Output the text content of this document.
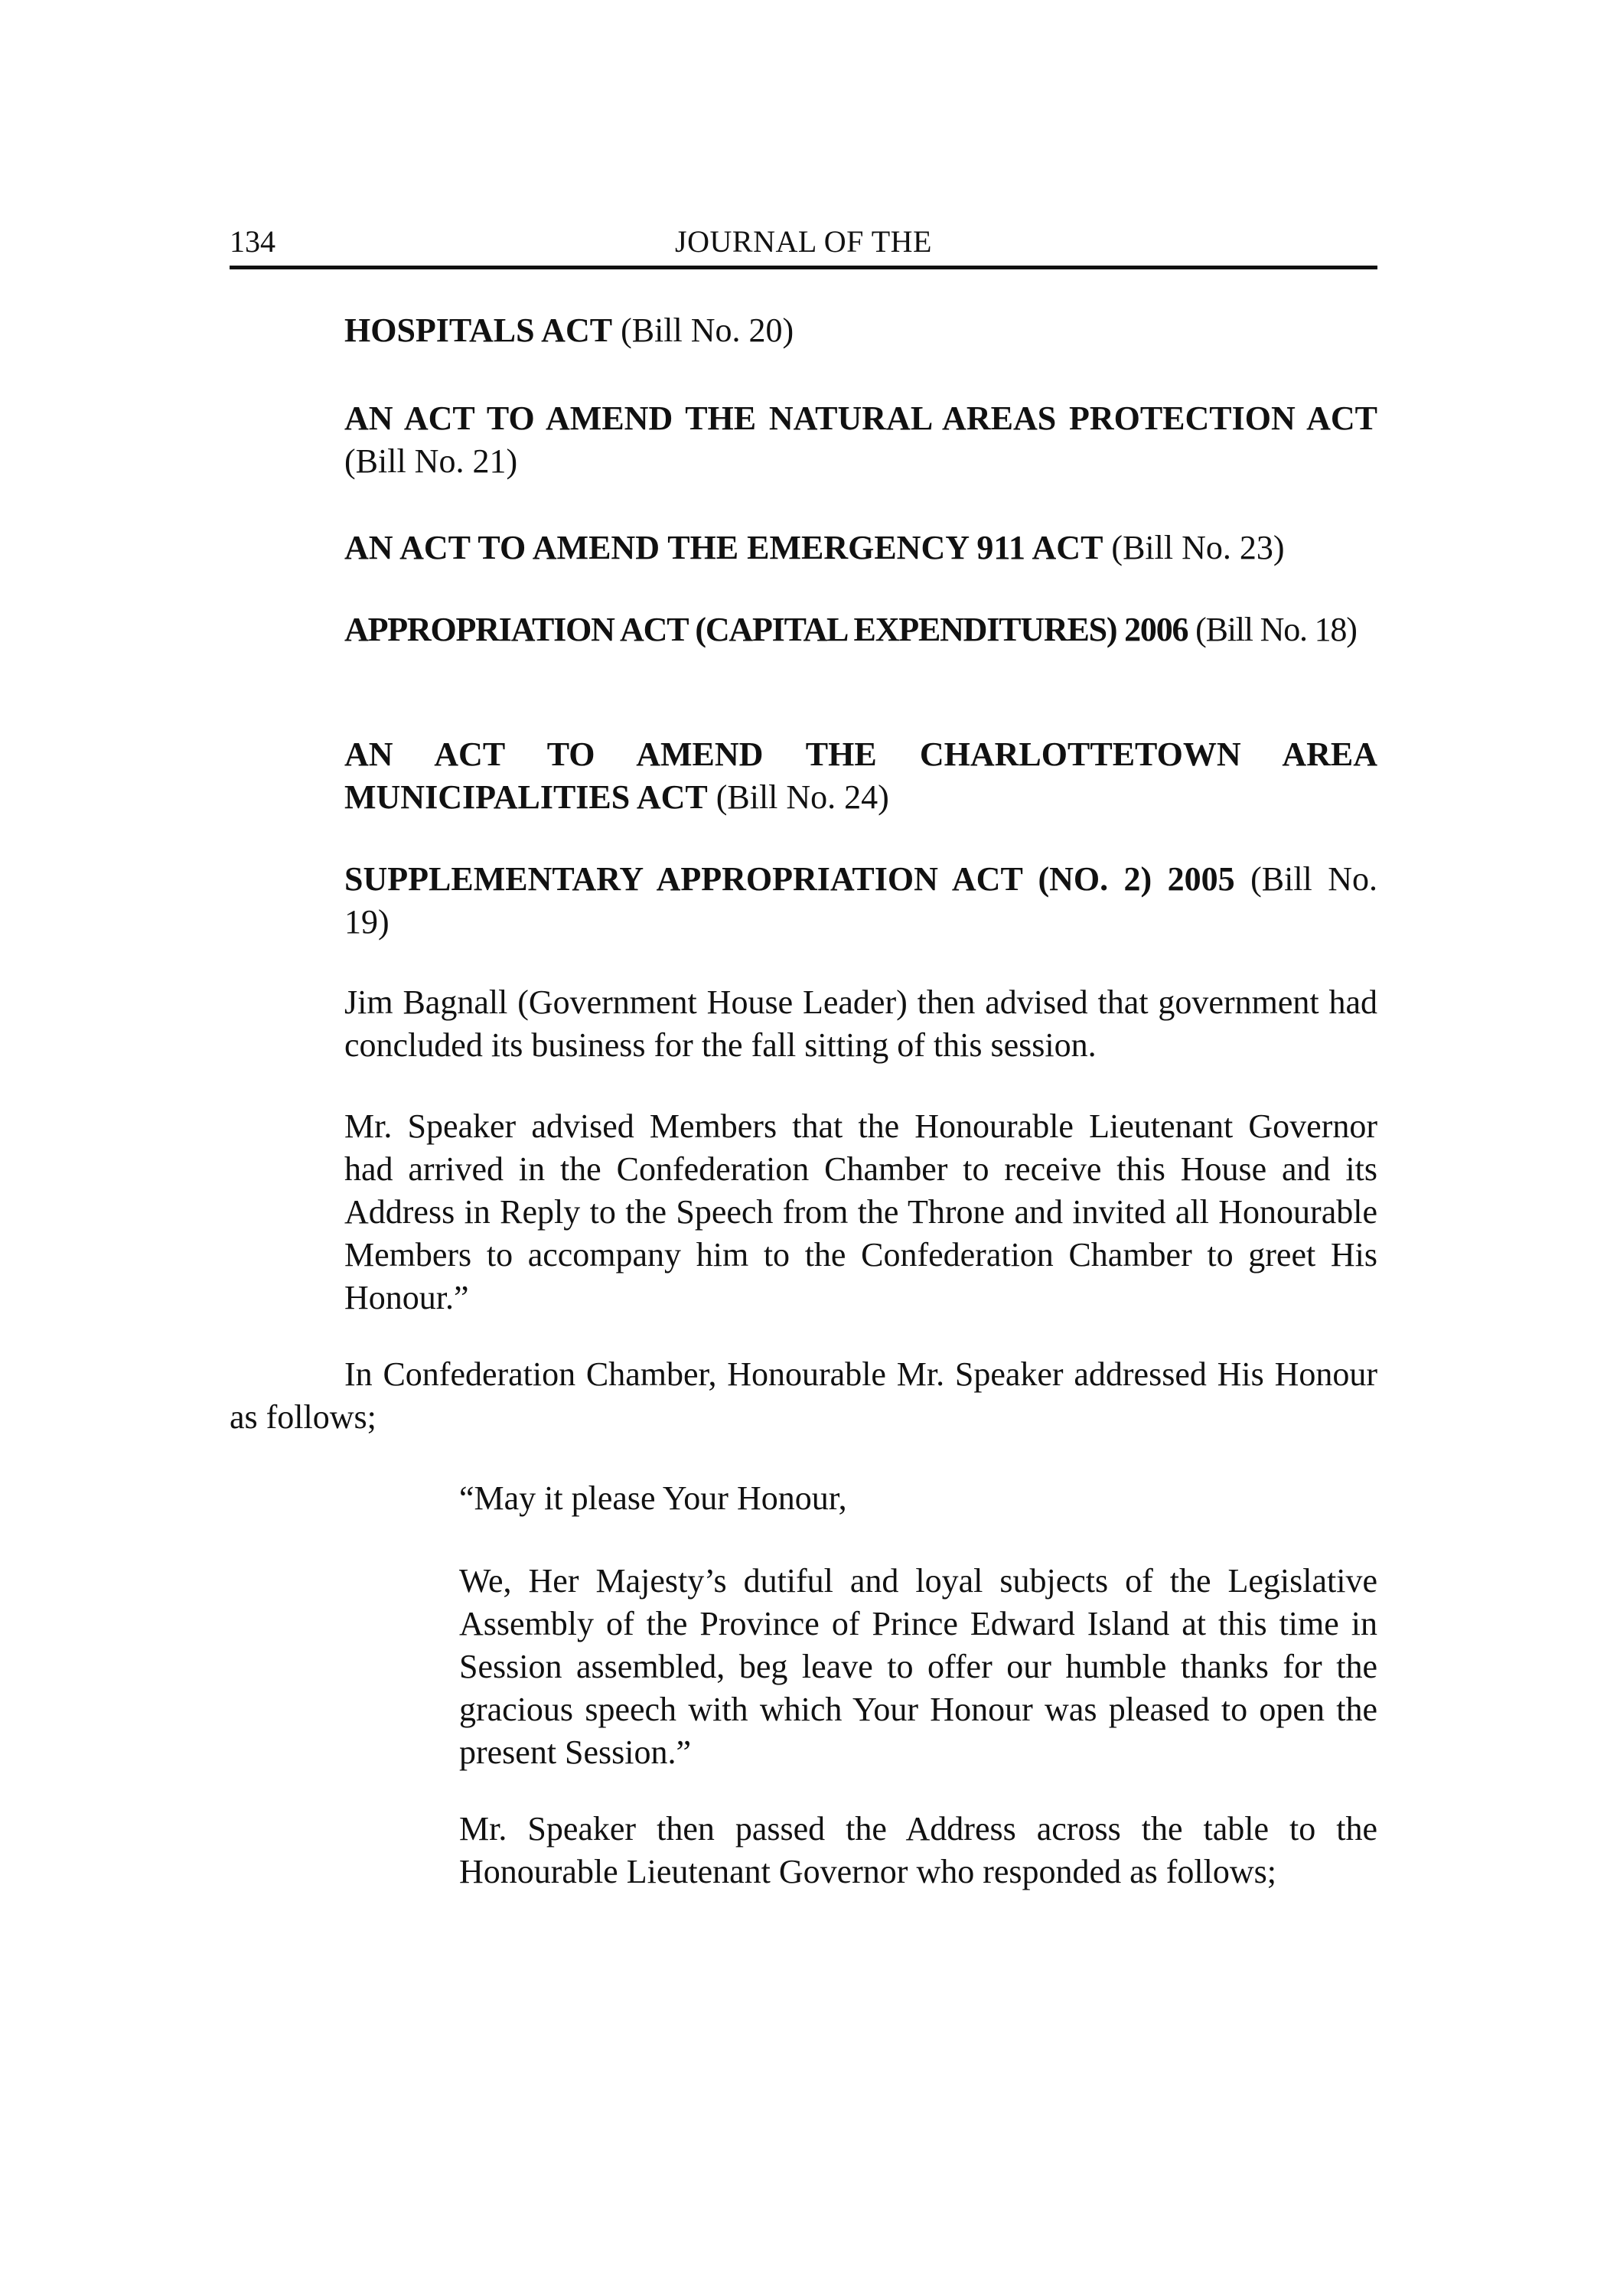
134	JOURNAL OF THE

HOSPITALS ACT (Bill No. 20)

AN ACT TO AMEND THE NATURAL AREAS PROTECTION ACT (Bill No. 21)

AN ACT TO AMEND THE EMERGENCY 911 ACT (Bill No. 23)

APPROPRIATION ACT (CAPITAL EXPENDITURES) 2006 (Bill No. 18)

AN ACT TO AMEND THE CHARLOTTETOWN AREA

MUNICIPALITIES ACT (Bill No. 24)

SUPPLEMENTARY APPROPRIATION ACT (NO. 2) 2005 (Bill No. 19)

Jim Bagnall (Government House Leader) then advised that government had concluded its business for the fall sitting of this session.

Mr. Speaker advised Members that the Honourable Lieutenant Governor had arrived in the Confederation Chamber to receive this House and its Address in Reply to the Speech from the Throne and invited all Honourable Members to accompany him to the Confederation Chamber to greet His Honour.”

In Confederation Chamber, Honourable Mr. Speaker addressed His Honour as follows;

“May it please Your Honour,

We, Her Majesty’s dutiful and loyal subjects of the Legislative Assembly of the Province of Prince Edward Island at this time in Session assembled, beg leave to offer our humble thanks for the gracious speech with which Your Honour was pleased to open the present Session.”

Mr. Speaker then passed the Address across the table to the Honourable Lieutenant Governor who responded as follows;
